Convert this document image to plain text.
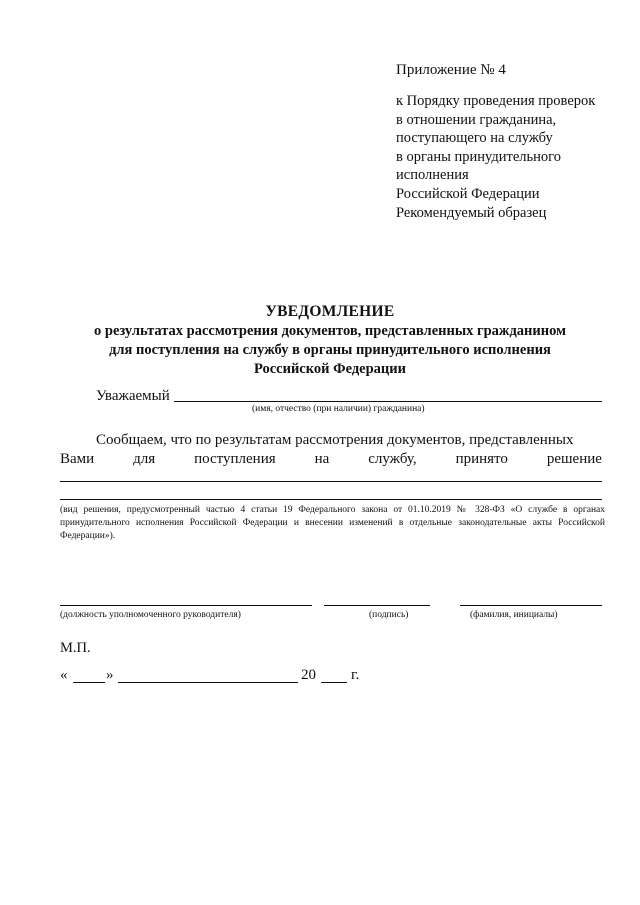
Приложение № 4
к Порядку проведения проверок
в отношении гражданина,
поступающего на службу
в органы принудительного
исполнения
Российской Федерации
Рекомендуемый образец
УВЕДОМЛЕНИЕ
о результатах рассмотрения документов, представленных гражданином
для поступления на службу в органы принудительного исполнения
Российской Федерации
Уважаемый
(имя, отчество (при наличии) гражданина)
Сообщаем, что по результатам рассмотрения документов, представленных
Вами	для	поступления	на	службу,	принято	решение
(вид решения, предусмотренный частью 4 статьи 19 Федерального закона от 01.10.2019 № 328-ФЗ «О службе в органах принудительного исполнения Российской Федерации и внесении изменений в отдельные законодательные акты Российской Федерации»).
(должность уполномоченного руководителя)	(подпись)	(фамилия, инициалы)
М.П.
«	»	20 г.
